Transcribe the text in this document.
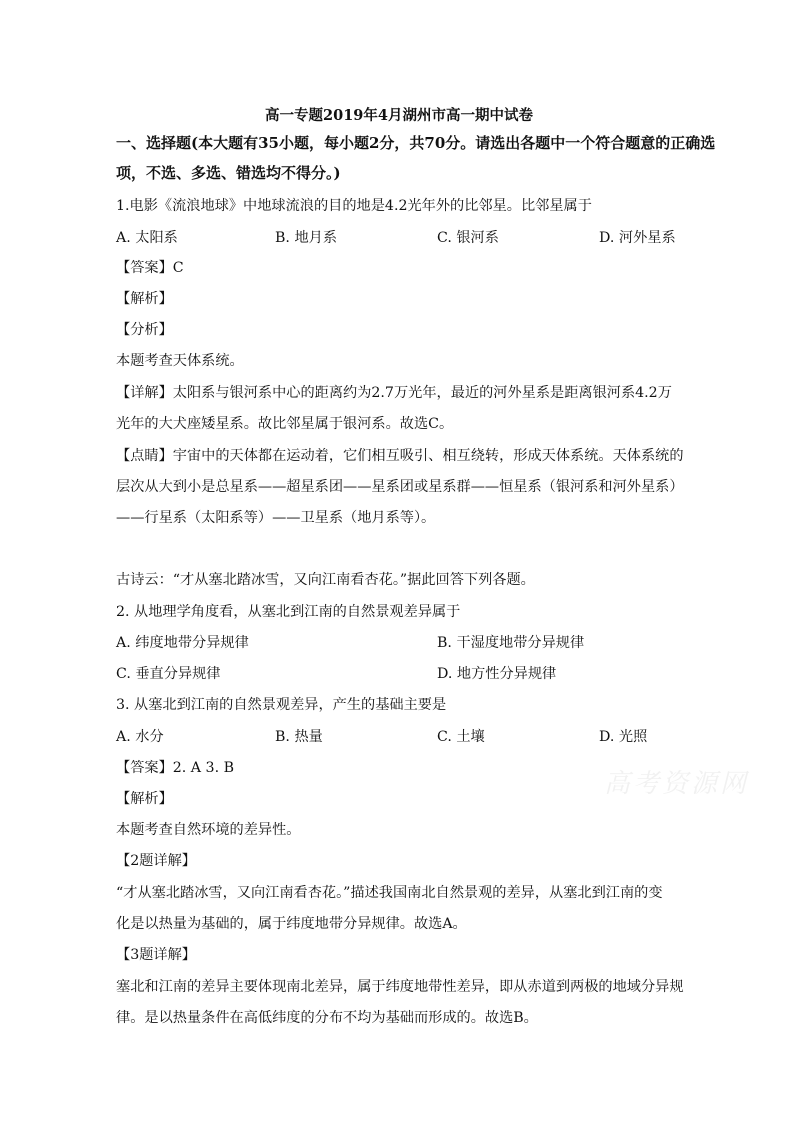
高一专题2019年4月湖州市高一期中试卷
一、选择题(本大题有35小题，每小题2分，共70分。请选出各题中一个符合题意的正确选
项，不选、多选、错选均不得分。)
1.电影《流浪地球》中地球流浪的目的地是4.2光年外的比邻星。比邻星属于
A. 太阳系	B. 地月系	C. 银河系	D. 河外星系
【答案】C
【解析】
【分析】
本题考查天体系统。
【详解】太阳系与银河系中心的距离约为2.7万光年，最近的河外星系是距离银河系4.2万
光年的大犬座矮星系。故比邻星属于银河系。故选C。
【点睛】宇宙中的天体都在运动着，它们相互吸引、相互绕转，形成天体系统。天体系统的
层次从大到小是总星系——超星系团——星系团或星系群——恒星系（银河系和河外星系）
——行星系（太阳系等）——卫星系（地月系等）。
古诗云：“才从塞北踏冰雪，又向江南看杏花。”据此回答下列各题。
2. 从地理学角度看，从塞北到江南的自然景观差异属于
A. 纬度地带分异规律	B. 干湿度地带分异规律
C. 垂直分异规律	D. 地方性分异规律
3. 从塞北到江南的自然景观差异，产生的基础主要是
A. 水分	B. 热量	C. 土壤	D. 光照
【答案】2. A 3. B
【解析】
本题考查自然环境的差异性。
【2题详解】
“才从塞北踏冰雪，又向江南看杏花。”描述我国南北自然景观的差异，从塞北到江南的变
化是以热量为基础的，属于纬度地带分异规律。故选A。
【3题详解】
塞北和江南的差异主要体现南北差异，属于纬度地带性差异，即从赤道到两极的地域分异规
律。是以热量条件在高低纬度的分布不均为基础而形成的。故选B。
高考资源网
